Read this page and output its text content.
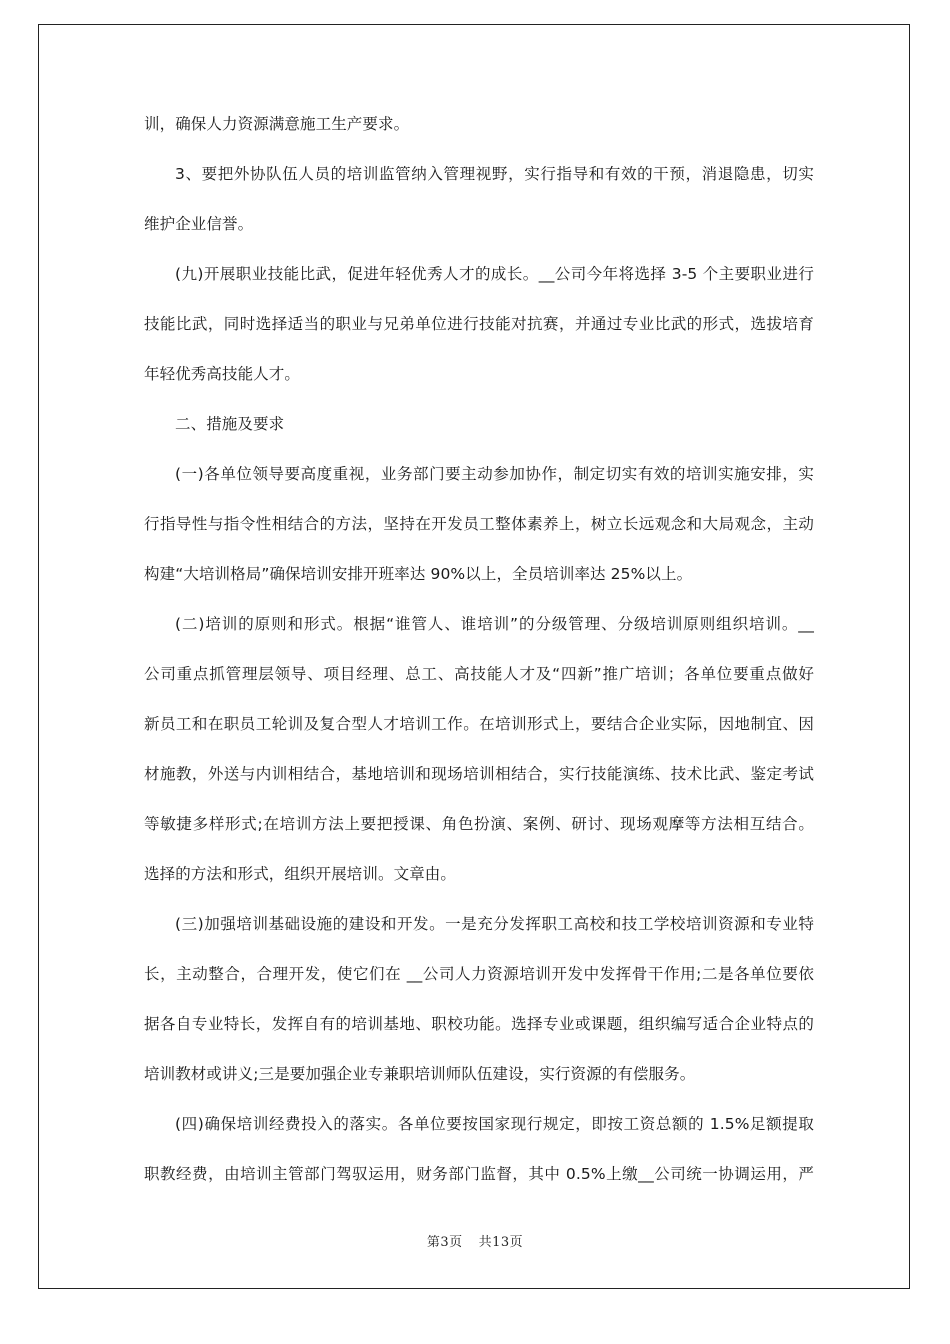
训，确保人力资源满意施工生产要求。
3、要把外协队伍人员的培训监管纳入管理视野，实行指导和有效的干预，消退隐患，切实
维护企业信誉。
(九)开展职业技能比武，促进年轻优秀人才的成长。__公司今年将选择 3-5 个主要职业进行
技能比武，同时选择适当的职业与兄弟单位进行技能对抗赛，并通过专业比武的形式，选拔培育
年轻优秀高技能人才。
二、措施及要求
(一)各单位领导要高度重视，业务部门要主动参加协作，制定切实有效的培训实施安排，实
行指导性与指令性相结合的方法，坚持在开发员工整体素养上，树立长远观念和大局观念，主动
构建“大培训格局”确保培训安排开班率达 90%以上，全员培训率达 25%以上。
(二)培训的原则和形式。根据“谁管人、谁培训”的分级管理、分级培训原则组织培训。__
公司重点抓管理层领导、项目经理、总工、高技能人才及“四新”推广培训；各单位要重点做好
新员工和在职员工轮训及复合型人才培训工作。在培训形式上，要结合企业实际，因地制宜、因
材施教，外送与内训相结合，基地培训和现场培训相结合，实行技能演练、技术比武、鉴定考试
等敏捷多样形式;在培训方法上要把授课、角色扮演、案例、研讨、现场观摩等方法相互结合。
选择的方法和形式，组织开展培训。文章由。
(三)加强培训基础设施的建设和开发。一是充分发挥职工高校和技工学校培训资源和专业特
长，主动整合，合理开发，使它们在 __公司人力资源培训开发中发挥骨干作用;二是各单位要依
据各自专业特长，发挥自有的培训基地、职校功能。选择专业或课题，组织编写适合企业特点的
培训教材或讲义;三是要加强企业专兼职培训师队伍建设，实行资源的有偿服务。
(四)确保培训经费投入的落实。各单位要按国家现行规定，即按工资总额的 1.5%足额提取
职教经费，由培训主管部门驾驭运用，财务部门监督，其中 0.5%上缴__公司统一协调运用，严
第3页 共13页
